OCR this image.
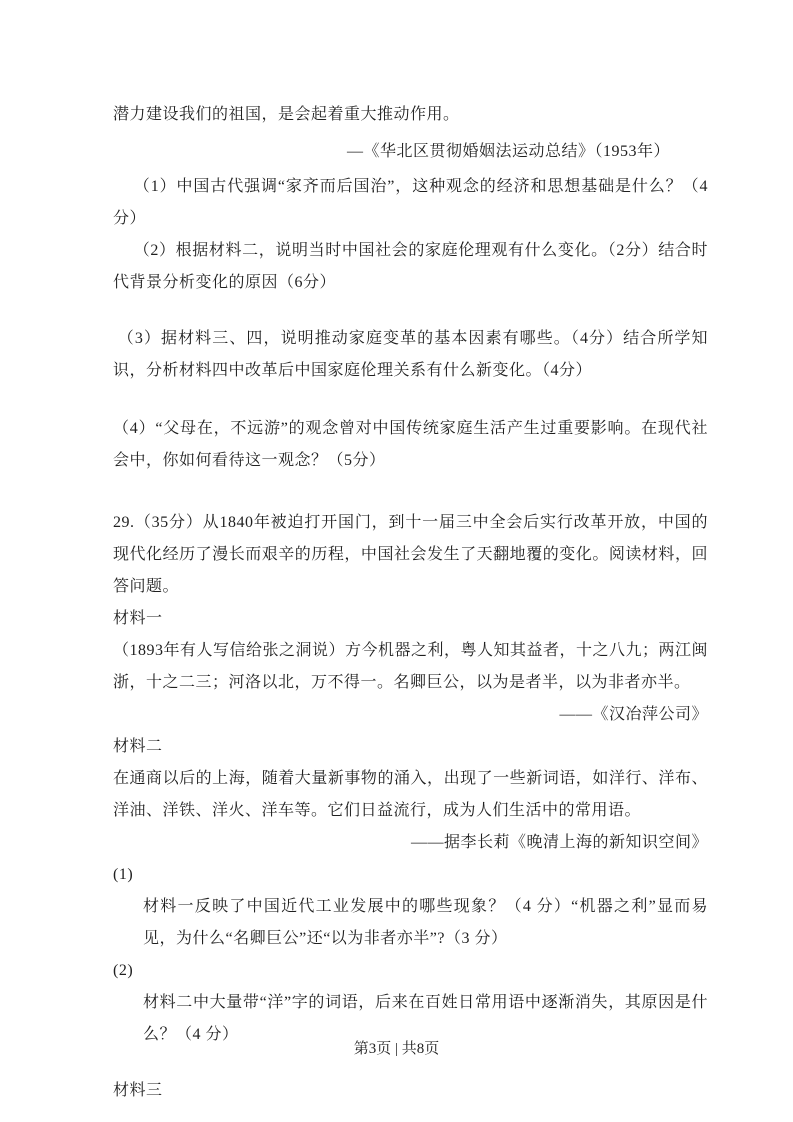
潜力建设我们的祖国，是会起着重大推动作用。

—《华北区贯彻婚姻法运动总结》（1953年）

（1）中国古代强调“家齐而后国治”，这种观念的经济和思想基础是什么？（4分）

（2）根据材料二，说明当时中国社会的家庭伦理观有什么变化。（2分）结合时代背景分析变化的原因（6分）

（3）据材料三、四，说明推动家庭变革的基本因素有哪些。（4分）结合所学知识，分析材料四中改革后中国家庭伦理关系有什么新变化。（4分）

（4）“父母在，不远游”的观念曾对中国传统家庭生活产生过重要影响。在现代社会中，你如何看待这一观念？（5分）

29.（35分）从1840年被迫打开国门，到十一届三中全会后实行改革开放，中国的现代化经历了漫长而艰辛的历程，中国社会发生了天翻地覆的变化。阅读材料，回答问题。

材料一

（1893年有人写信给张之洞说）方今机器之利，粤人知其益者，十之八九；两江闽浙，十之二三；河洛以北，万不得一。名卿巨公，以为是者半，以为非者亦半。

——《汉冶萍公司》

材料二

在通商以后的上海，随着大量新事物的涌入，出现了一些新词语，如洋行、洋布、洋油、洋铁、洋火、洋车等。它们日益流行，成为人们生活中的常用语。

——据李长莉《晚清上海的新知识空间》

(1)

材料一反映了中国近代工业发展中的哪些现象？（4 分）“机器之利”显而易见，为什么“名卿巨公”还“以为非者亦半”?（3 分）

(2)

材料二中大量带“洋”字的词语，后来在百姓日常用语中逐渐消失，其原因是什么？（4 分）

材料三

第3页 | 共8页
